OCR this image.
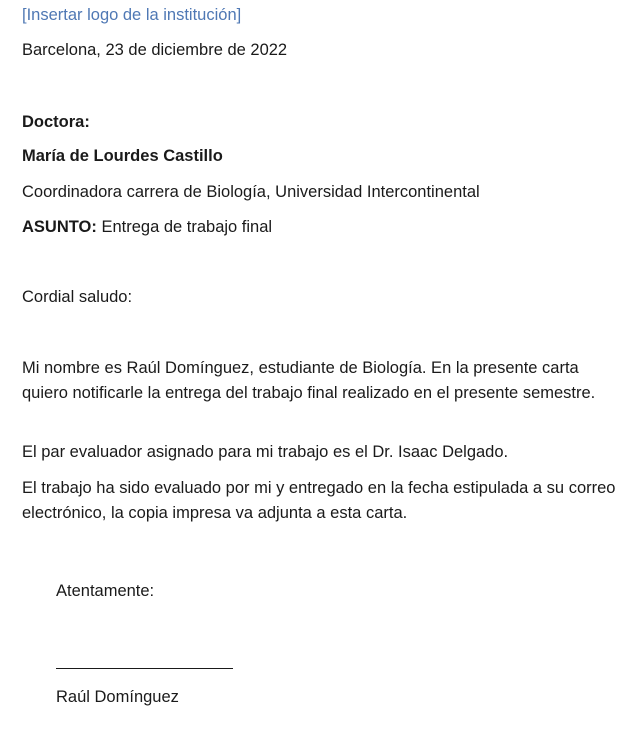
[Insertar logo de la institución]
Barcelona, 23 de diciembre de 2022
Doctora:
María de Lourdes Castillo
Coordinadora carrera de Biología, Universidad Intercontinental
ASUNTO: Entrega de trabajo final
Cordial saludo:
Mi nombre es Raúl Domínguez, estudiante de Biología. En la presente carta quiero notificarle la entrega del trabajo final realizado en el presente semestre.
El par evaluador asignado para mi trabajo es el Dr. Isaac Delgado.
El trabajo ha sido evaluado por mi y entregado en la fecha estipulada a su correo electrónico, la copia impresa va adjunta a esta carta.
Atentamente:
Raúl Domínguez
